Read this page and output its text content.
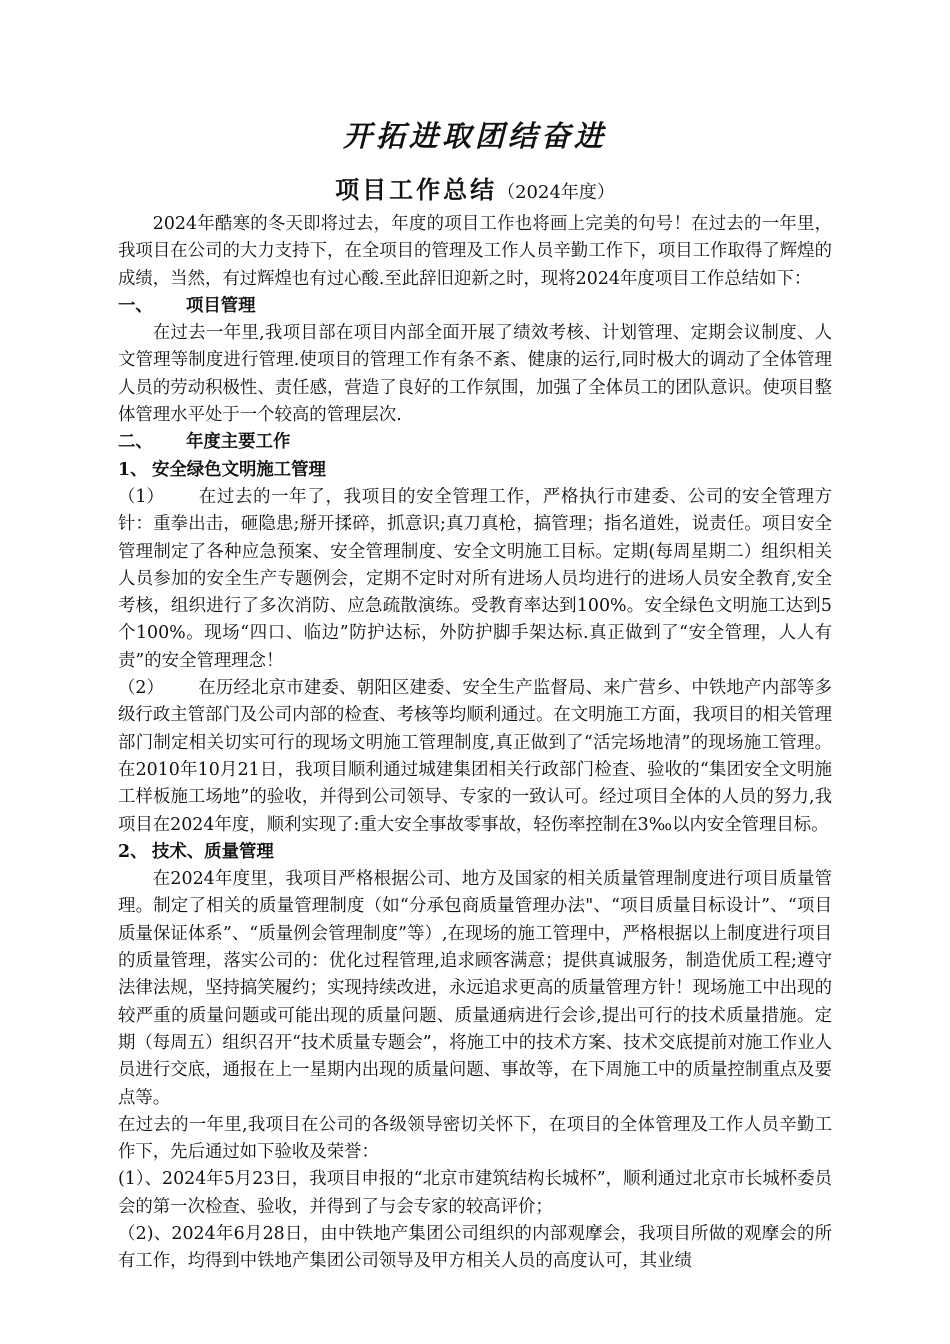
开拓进取团结奋进
项目工作总结（2024年度）

2024年酷寒的冬天即将过去，年度的项目工作也将画上完美的句号！在过去的一年里，我项目在公司的大力支持下，在全项目的管理及工作人员辛勤工作下，项目工作取得了辉煌的成绩，当然，有过辉煌也有过心酸.至此辞旧迎新之时，现将2024年度项目工作总结如下：

一、 项目管理

在过去一年里,我项目部在项目内部全面开展了绩效考核、计划管理、定期会议制度、人文管理等制度进行管理.使项目的管理工作有条不紊、健康的运行,同时极大的调动了全体管理人员的劳动积极性、责任感，营造了良好的工作氛围，加强了全体员工的团队意识。使项目整体管理水平处于一个较高的管理层次.

二、 年度主要工作

1、 安全绿色文明施工管理

（1） 在过去的一年了，我项目的安全管理工作，严格执行市建委、公司的安全管理方针：重拳出击，砸隐患;掰开揉碎，抓意识;真刀真枪，搞管理；指名道姓，说责任。项目安全管理制定了各种应急预案、安全管理制度、安全文明施工目标。定期(每周星期二）组织相关人员参加的安全生产专题例会，定期不定时对所有进场人员均进行的进场人员安全教育,安全考核，组织进行了多次消防、应急疏散演练。受教育率达到100%。安全绿色文明施工达到5个100%。现场“四口、临边”防护达标，外防护脚手架达标.真正做到了“安全管理，人人有责”的安全管理理念！

（2） 在历经北京市建委、朝阳区建委、安全生产监督局、来广营乡、中铁地产内部等多级行政主管部门及公司内部的检查、考核等均顺利通过。在文明施工方面，我项目的相关管理部门制定相关切实可行的现场文明施工管理制度,真正做到了“活完场地清”的现场施工管理。在2010年10月21日，我项目顺利通过城建集团相关行政部门检查、验收的“集团安全文明施工样板施工场地”的验收，并得到公司领导、专家的一致认可。经过项目全体的人员的努力,我项目在2024年度，顺利实现了:重大安全事故零事故，轻伤率控制在3‰以内安全管理目标。

2、 技术、质量管理

在2024年度里，我项目严格根据公司、地方及国家的相关质量管理制度进行项目质量管理。制定了相关的质量管理制度（如“分承包商质量管理办法"、“项目质量目标设计”、“项目质量保证体系”、“质量例会管理制度”等）,在现场的施工管理中，严格根据以上制度进行项目的质量管理，落实公司的：优化过程管理,追求顾客满意；提供真诚服务，制造优质工程;遵守法律法规，坚持搞笑履约；实现持续改进，永远追求更高的质量管理方针！现场施工中出现的较严重的质量问题或可能出现的质量问题、质量通病进行会诊,提出可行的技术质量措施。定期（每周五）组织召开“技术质量专题会”，将施工中的技术方案、技术交底提前对施工作业人员进行交底，通报在上一星期内出现的质量问题、事故等，在下周施工中的质量控制重点及要点等。

在过去的一年里,我项目在公司的各级领导密切关怀下，在项目的全体管理及工作人员辛勤工作下，先后通过如下验收及荣誉：

(1）、2024年5月23日，我项目申报的“北京市建筑结构长城杯”，顺利通过北京市长城杯委员会的第一次检查、验收，并得到了与会专家的较高评价；

（2)、2024年6月28日，由中铁地产集团公司组织的内部观摩会，我项目所做的观摩会的所有工作，均得到中铁地产集团公司领导及甲方相关人员的高度认可，其业绩
